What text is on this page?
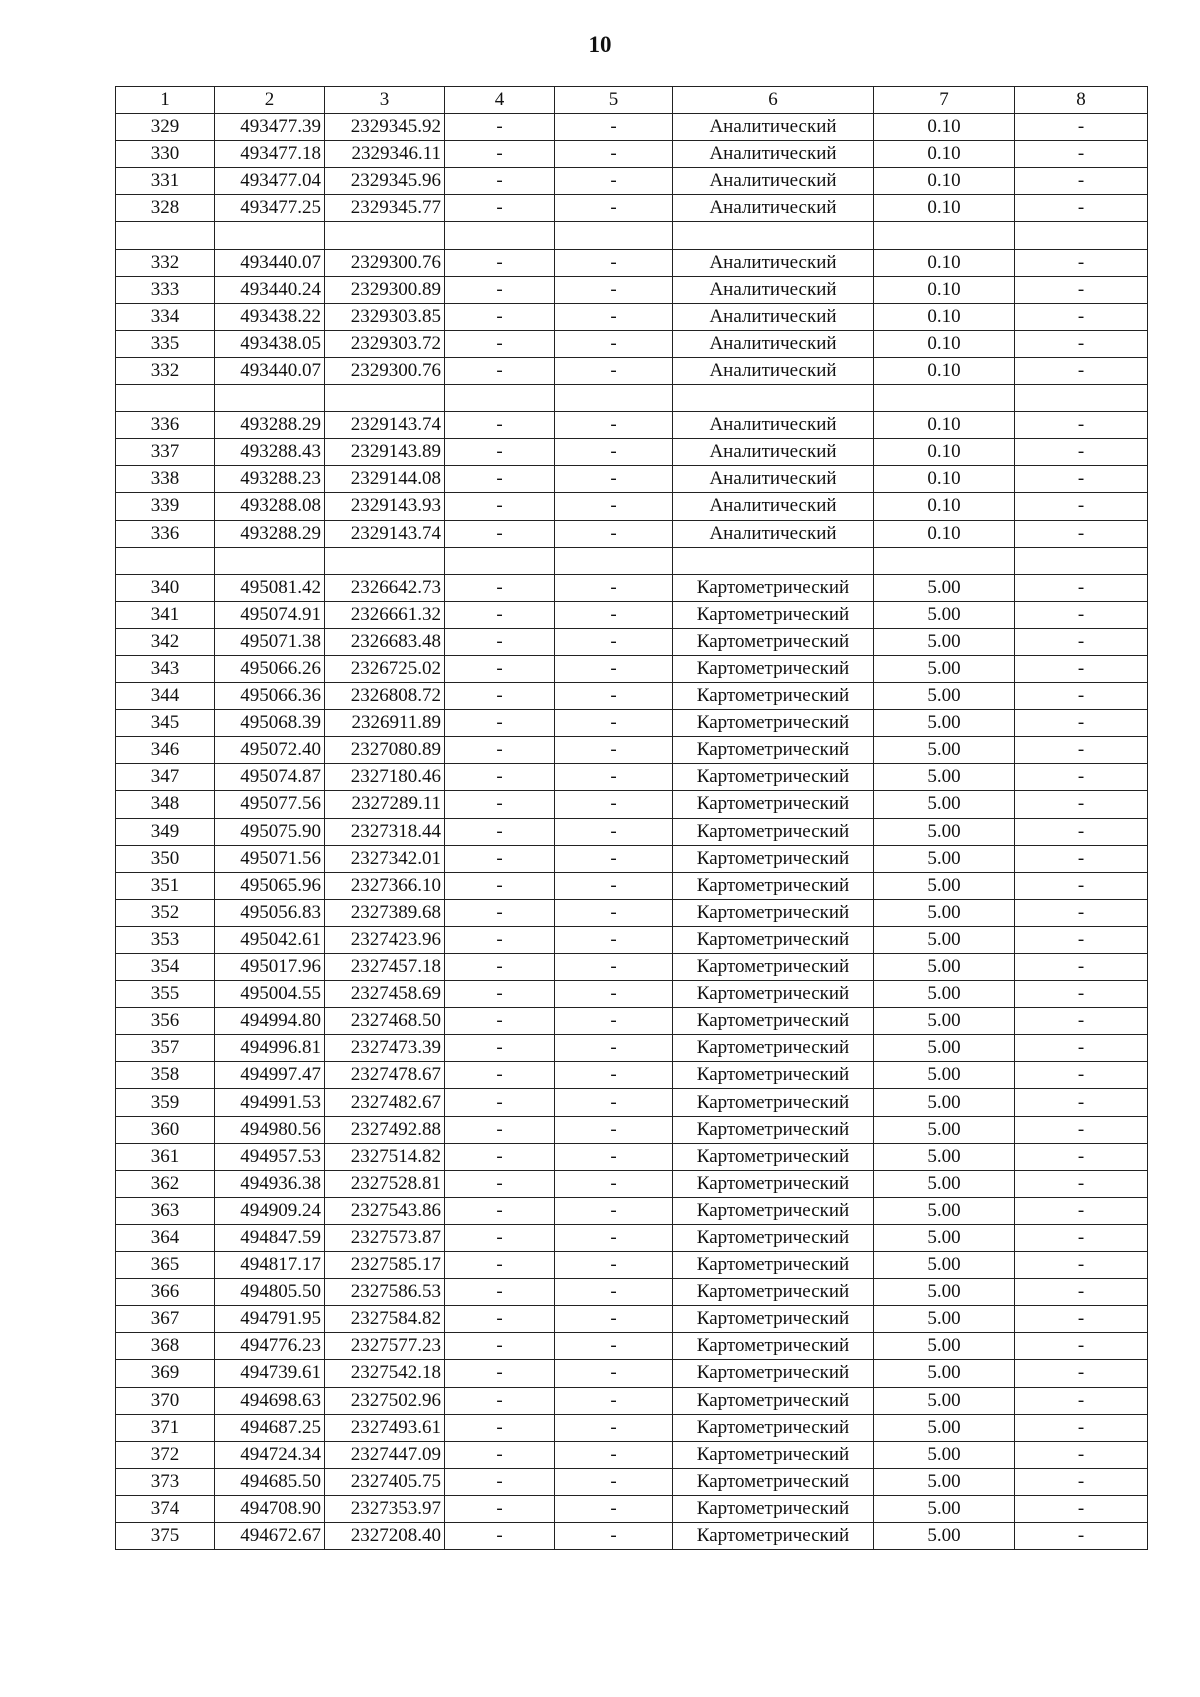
10
1	2	3	4	5	6	7	8
329	493477.39	2329345.92	-	-	Аналитический	0.10	-
330	493477.18	2329346.11	-	-	Аналитический	0.10	-
331	493477.04	2329345.96	-	-	Аналитический	0.10	-
328	493477.25	2329345.77	-	-	Аналитический	0.10	-

332	493440.07	2329300.76	-	-	Аналитический	0.10	-
333	493440.24	2329300.89	-	-	Аналитический	0.10	-
334	493438.22	2329303.85	-	-	Аналитический	0.10	-
335	493438.05	2329303.72	-	-	Аналитический	0.10	-
332	493440.07	2329300.76	-	-	Аналитический	0.10	-

336	493288.29	2329143.74	-	-	Аналитический	0.10	-
337	493288.43	2329143.89	-	-	Аналитический	0.10	-
338	493288.23	2329144.08	-	-	Аналитический	0.10	-
339	493288.08	2329143.93	-	-	Аналитический	0.10	-
336	493288.29	2329143.74	-	-	Аналитический	0.10	-

340	495081.42	2326642.73	-	-	Картометрический	5.00	-
341	495074.91	2326661.32	-	-	Картометрический	5.00	-
342	495071.38	2326683.48	-	-	Картометрический	5.00	-
343	495066.26	2326725.02	-	-	Картометрический	5.00	-
344	495066.36	2326808.72	-	-	Картометрический	5.00	-
345	495068.39	2326911.89	-	-	Картометрический	5.00	-
346	495072.40	2327080.89	-	-	Картометрический	5.00	-
347	495074.87	2327180.46	-	-	Картометрический	5.00	-
348	495077.56	2327289.11	-	-	Картометрический	5.00	-
349	495075.90	2327318.44	-	-	Картометрический	5.00	-
350	495071.56	2327342.01	-	-	Картометрический	5.00	-
351	495065.96	2327366.10	-	-	Картометрический	5.00	-
352	495056.83	2327389.68	-	-	Картометрический	5.00	-
353	495042.61	2327423.96	-	-	Картометрический	5.00	-
354	495017.96	2327457.18	-	-	Картометрический	5.00	-
355	495004.55	2327458.69	-	-	Картометрический	5.00	-
356	494994.80	2327468.50	-	-	Картометрический	5.00	-
357	494996.81	2327473.39	-	-	Картометрический	5.00	-
358	494997.47	2327478.67	-	-	Картометрический	5.00	-
359	494991.53	2327482.67	-	-	Картометрический	5.00	-
360	494980.56	2327492.88	-	-	Картометрический	5.00	-
361	494957.53	2327514.82	-	-	Картометрический	5.00	-
362	494936.38	2327528.81	-	-	Картометрический	5.00	-
363	494909.24	2327543.86	-	-	Картометрический	5.00	-
364	494847.59	2327573.87	-	-	Картометрический	5.00	-
365	494817.17	2327585.17	-	-	Картометрический	5.00	-
366	494805.50	2327586.53	-	-	Картометрический	5.00	-
367	494791.95	2327584.82	-	-	Картометрический	5.00	-
368	494776.23	2327577.23	-	-	Картометрический	5.00	-
369	494739.61	2327542.18	-	-	Картометрический	5.00	-
370	494698.63	2327502.96	-	-	Картометрический	5.00	-
371	494687.25	2327493.61	-	-	Картометрический	5.00	-
372	494724.34	2327447.09	-	-	Картометрический	5.00	-
373	494685.50	2327405.75	-	-	Картометрический	5.00	-
374	494708.90	2327353.97	-	-	Картометрический	5.00	-
375	494672.67	2327208.40	-	-	Картометрический	5.00	-
